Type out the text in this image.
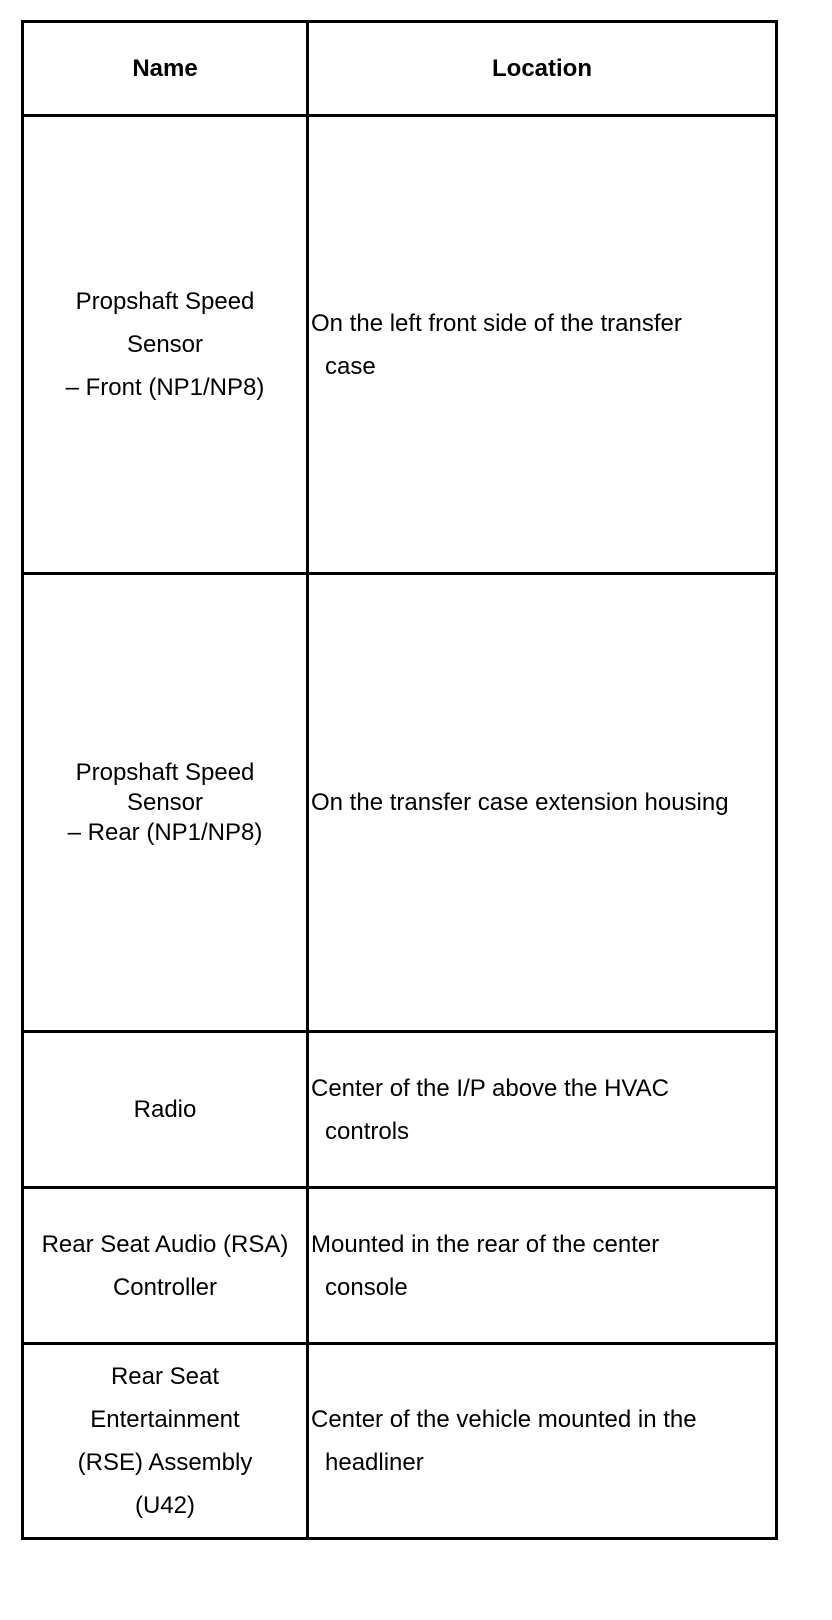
Name	Location

Propshaft Speed
Sensor
– Front (NP1/NP8)	On the left front side of the transfer
case

Propshaft Speed
Sensor
– Rear (NP1/NP8)	On the transfer case extension housing

Radio	Center of the I/P above the HVAC
controls

Rear Seat Audio (RSA)
Controller	Mounted in the rear of the center
console

Rear Seat
Entertainment
(RSE) Assembly
(U42)	Center of the vehicle mounted in the
headliner
